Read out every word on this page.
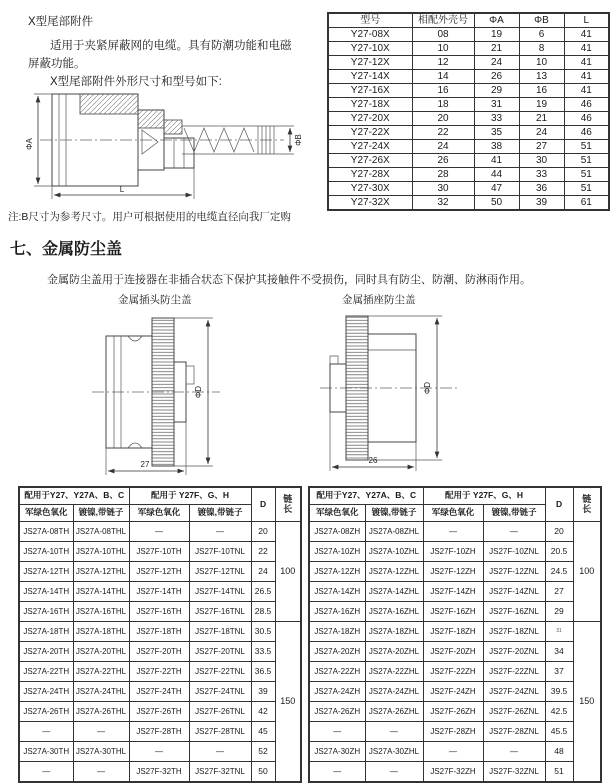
X型尾部附件
适用于夹紧屏蔽网的电缆。具有防潮功能和电磁
屏蔽功能。
X型尾部附件外形尺寸和型号如下:
ΦA	ΦB
L
型号	相配外壳号	ΦA	ΦB	L
Y27-08X	08	19	6	41
Y27-10X	10	21	8	41
Y27-12X	12	24	10	41
Y27-14X	14	26	13	41
Y27-16X	16	29	16	41
Y27-18X	18	31	19	46
Y27-20X	20	33	21	46
Y27-22X	22	35	24	46
Y27-24X	24	38	27	51
Y27-26X	26	41	30	51
Y27-28X	28	44	33	51
Y27-30X	30	47	36	51
Y27-32X	32	50	39	61
注:B尺寸为参考尺寸。用户可根据使用的电缆直径向我厂定购
七、金属防尘盖
金属防尘盖用于连接器在非插合状态下保护其接触件不受损伤，同时具有防尘、防潮、防淋雨作用。
金属插头防尘盖	金属插座防尘盖
ΦD
27
ΦD
26
配用于Y27、Y27A、B、C		配用于 Y27F、G、H		D	链长
军绿色氧化	镀镍,带链子	军绿色氧化	镀镍,带链子		
JS27A-08TH	JS27A-08THL	—	—	20	100
JS27A-10TH	JS27A-10THL	JS27F-10TH	JS27F-10TNL	22	
JS27A-12TH	JS27A-12THL	JS27F-12TH	JS27F-12TNL	24	
JS27A-14TH	JS27A-14THL	JS27F-14TH	JS27F-14TNL	26.5	
JS27A-16TH	JS27A-16THL	JS27F-16TH	JS27F-16TNL	28.5	
JS27A-18TH	JS27A-18THL	JS27F-18TH	JS27F-18TNL	30.5	150
JS27A-20TH	JS27A-20THL	JS27F-20TH	JS27F-20TNL	33.5	
JS27A-22TH	JS27A-22THL	JS27F-22TH	JS27F-22TNL	36.5	
JS27A-24TH	JS27A-24THL	JS27F-24TH	JS27F-24TNL	39	
JS27A-26TH	JS27A-26THL	JS27F-26TH	JS27F-26TNL	42	
—	—	JS27F-28TH	JS27F-28TNL	45	
JS27A-30TH	JS27A-30THL	—	—	52	
—	—	JS27F-32TH	JS27F-32TNL	50	
配用于Y27、Y27A、B、C		配用于 Y27F、G、H		D	链长
军绿色氧化	镀镍,带链子	军绿色氧化	镀镍,带链子		
JS27A-08ZH	JS27A-08ZHL	—	—	20	100
JS27A-10ZH	JS27A-10ZHL	JS27F-10ZH	JS27F-10ZNL	20.5	
JS27A-12ZH	JS27A-12ZHL	JS27F-12ZH	JS27F-12ZNL	24.5	
JS27A-14ZH	JS27A-14ZHL	JS27F-14ZH	JS27F-14ZNL	27	
JS27A-16ZH	JS27A-16ZHL	JS27F-16ZH	JS27F-16ZNL	29	
JS27A-18ZH	JS27A-18ZHL	JS27F-18ZH	JS27F-18ZNL	31	150
JS27A-20ZH	JS27A-20ZHL	JS27F-20ZH	JS27F-20ZNL	34	
JS27A-22ZH	JS27A-22ZHL	JS27F-22ZH	JS27F-22ZNL	37	
JS27A-24ZH	JS27A-24ZHL	JS27F-24ZH	JS27F-24ZNL	39.5	
JS27A-26ZH	JS27A-26ZHL	JS27F-26ZH	JS27F-26ZNL	42.5	
—	—	JS27F-28ZH	JS27F-28ZNL	45.5	
JS27A-30ZH	JS27A-30ZHL	—	—	48	
—	—	JS27F-32ZH	JS27F-32ZNL	51	
